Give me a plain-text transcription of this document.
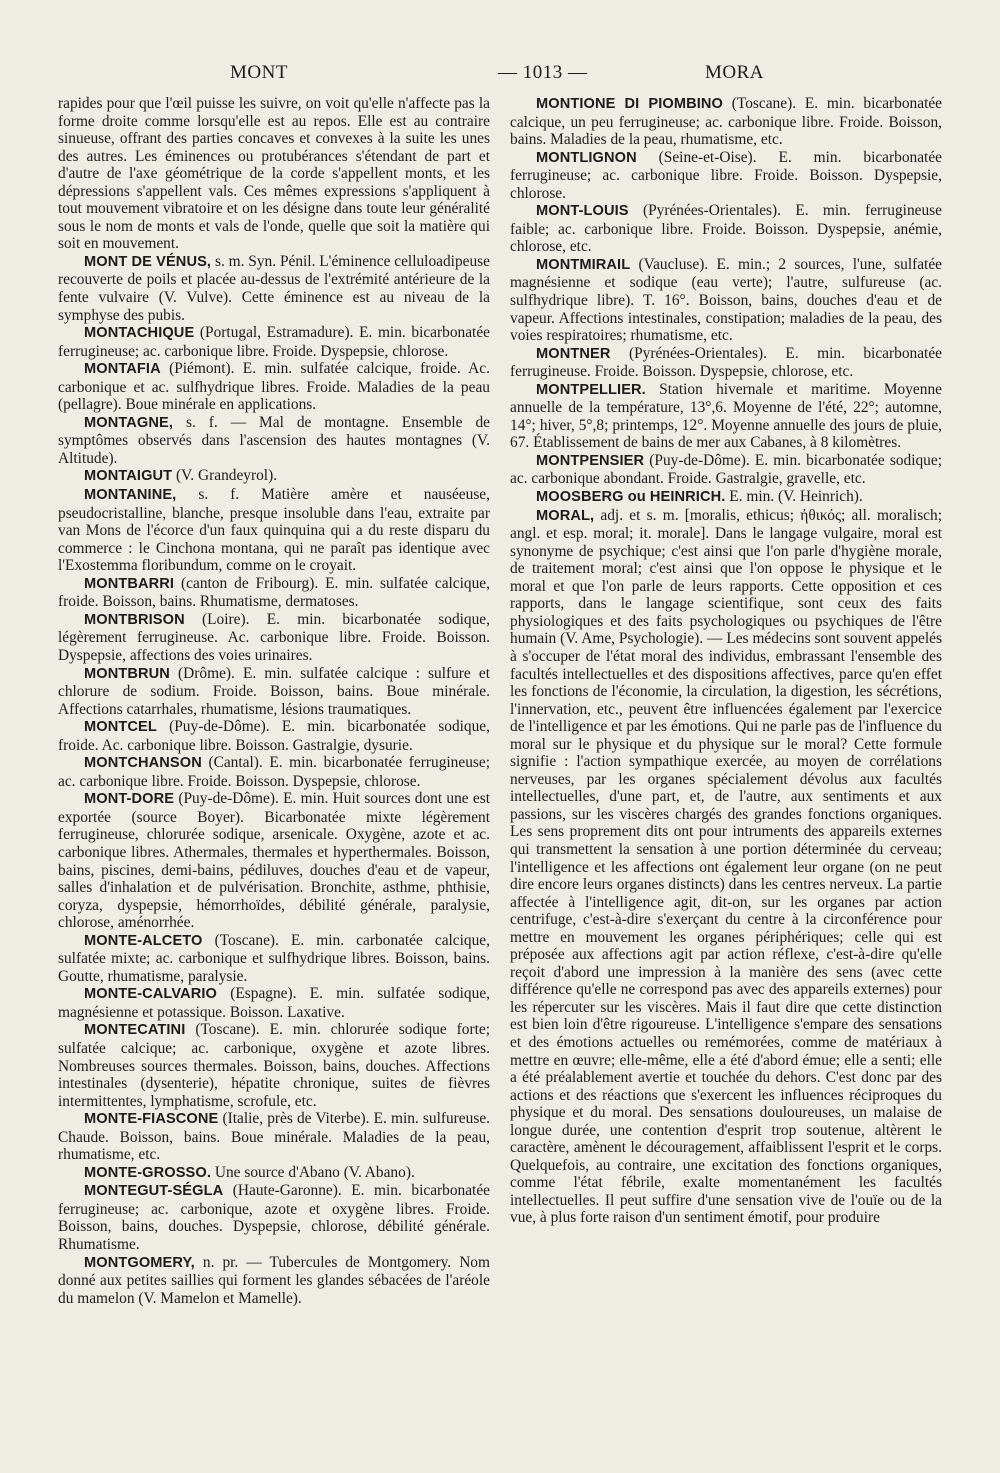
MONT	— 1013 —	MORA

rapides pour que l'œil puisse les suivre, on voit qu'elle n'affecte pas la forme droite comme lorsqu'elle est au repos. Elle est au contraire sinueuse, offrant des parties concaves et convexes à la suite les unes des autres. Les éminences ou protubérances s'étendant de part et d'autre de l'axe géométrique de la corde s'appellent monts, et les dépressions s'appellent vals. Ces mêmes expressions s'appliquent à tout mouvement vibratoire et on les désigne dans toute leur généralité sous le nom de monts et vals de l'onde, quelle que soit la matière qui soit en mouvement.

MONT DE VÉNUS, s. m. Syn. Pénil. L'éminence celluloadipeuse recouverte de poils et placée au-dessus de l'extrémité antérieure de la fente vulvaire (V. Vulve). Cette éminence est au niveau de la symphyse des pubis.

MONTACHIQUE (Portugal, Estramadure). E. min. bicarbonatée ferrugineuse; ac. carbonique libre. Froide. Dyspepsie, chlorose.

MONTAFIA (Piémont). E. min. sulfatée calcique, froide. Ac. carbonique et ac. sulfhydrique libres. Froide. Maladies de la peau (pellagre). Boue minérale en applications.

MONTAGNE, s. f. — Mal de montagne. Ensemble de symptômes observés dans l'ascension des hautes montagnes (V. Altitude).

MONTAIGUT (V. Grandeyrol).

MONTANINE, s. f. Matière amère et nauséeuse, pseudocristalline, blanche, presque insoluble dans l'eau, extraite par van Mons de l'écorce d'un faux quinquina qui a du reste disparu du commerce : le Cinchona montana, qui ne paraît pas identique avec l'Exostemma floribundum, comme on le croyait.

MONTBARRI (canton de Fribourg). E. min. sulfatée calcique, froide. Boisson, bains. Rhumatisme, dermatoses.

MONTBRISON (Loire). E. min. bicarbonatée sodique, légèrement ferrugineuse. Ac. carbonique libre. Froide. Boisson. Dyspepsie, affections des voies urinaires.

MONTBRUN (Drôme). E. min. sulfatée calcique : sulfure et chlorure de sodium. Froide. Boisson, bains. Boue minérale. Affections catarrhales, rhumatisme, lésions traumatiques.

MONTCEL (Puy-de-Dôme). E. min. bicarbonatée sodique, froide. Ac. carbonique libre. Boisson. Gastralgie, dysurie.

MONTCHANSON (Cantal). E. min. bicarbonatée ferrugineuse; ac. carbonique libre. Froide. Boisson. Dyspepsie, chlorose.

MONT-DORE (Puy-de-Dôme). E. min. Huit sources dont une est exportée (source Boyer). Bicarbonatée mixte légèrement ferrugineuse, chlorurée sodique, arsenicale. Oxygène, azote et ac. carbonique libres. Athermales, thermales et hyperthermales. Boisson, bains, piscines, demi-bains, pédiluves, douches d'eau et de vapeur, salles d'inhalation et de pulvérisation. Bronchite, asthme, phthisie, coryza, dyspepsie, hémorrhoïdes, débilité générale, paralysie, chlorose, aménorrhée.

MONTE-ALCETO (Toscane). E. min. carbonatée calcique, sulfatée mixte; ac. carbonique et sulfhydrique libres. Boisson, bains. Goutte, rhumatisme, paralysie.

MONTE-CALVARIO (Espagne). E. min. sulfatée sodique, magnésienne et potassique. Boisson. Laxative.

MONTECATINI (Toscane). E. min. chlorurée sodique forte; sulfatée calcique; ac. carbonique, oxygène et azote libres. Nombreuses sources thermales. Boisson, bains, douches. Affections intestinales (dysenterie), hépatite chronique, suites de fièvres intermittentes, lymphatisme, scrofule, etc.

MONTE-FIASCONE (Italie, près de Viterbe). E. min. sulfureuse. Chaude. Boisson, bains. Boue minérale. Maladies de la peau, rhumatisme, etc.

MONTE-GROSSO. Une source d'Abano (V. Abano).

MONTEGUT-SÉGLA (Haute-Garonne). E. min. bicarbonatée ferrugineuse; ac. carbonique, azote et oxygène libres. Froide. Boisson, bains, douches. Dyspepsie, chlorose, débilité générale. Rhumatisme.

MONTGOMERY, n. pr. — Tubercules de Montgomery. Nom donné aux petites saillies qui forment les glandes sébacées de l'aréole du mamelon (V. Mamelon et Mamelle).

MONTIONE DI PIOMBINO (Toscane). E. min. bicarbonatée calcique, un peu ferrugineuse; ac. carbonique libre. Froide. Boisson, bains. Maladies de la peau, rhumatisme, etc.

MONTLIGNON (Seine-et-Oise). E. min. bicarbonatée ferrugineuse; ac. carbonique libre. Froide. Boisson. Dyspepsie, chlorose.

MONT-LOUIS (Pyrénées-Orientales). E. min. ferrugineuse faible; ac. carbonique libre. Froide. Boisson. Dyspepsie, anémie, chlorose, etc.

MONTMIRAIL (Vaucluse). E. min.; 2 sources, l'une, sulfatée magnésienne et sodique (eau verte); l'autre, sulfureuse (ac. sulfhydrique libre). T. 16°. Boisson, bains, douches d'eau et de vapeur. Affections intestinales, constipation; maladies de la peau, des voies respiratoires; rhumatisme, etc.

MONTNER (Pyrénées-Orientales). E. min. bicarbonatée ferrugineuse. Froide. Boisson. Dyspepsie, chlorose, etc.

MONTPELLIER. Station hivernale et maritime. Moyenne annuelle de la température, 13°,6. Moyenne de l'été, 22°; automne, 14°; hiver, 5°,8; printemps, 12°. Moyenne annuelle des jours de pluie, 67. Établissement de bains de mer aux Cabanes, à 8 kilomètres.

MONTPENSIER (Puy-de-Dôme). E. min. bicarbonatée sodique; ac. carbonique abondant. Froide. Gastralgie, gravelle, etc.

MOOSBERG ou HEINRICH. E. min. (V. Heinrich).

MORAL, adj. et s. m. [moralis, ethicus; ἠθικός; all. moralisch; angl. et esp. moral; it. morale]. Dans le langage vulgaire, moral est synonyme de psychique; c'est ainsi que l'on parle d'hygiène morale, de traitement moral; c'est ainsi que l'on oppose le physique et le moral et que l'on parle de leurs rapports. Cette opposition et ces rapports, dans le langage scientifique, sont ceux des faits physiologiques et des faits psychologiques ou psychiques de l'être humain (V. Ame, Psychologie). — Les médecins sont souvent appelés à s'occuper de l'état moral des individus, embrassant l'ensemble des facultés intellectuelles et des dispositions affectives, parce qu'en effet les fonctions de l'économie, la circulation, la digestion, les sécrétions, l'innervation, etc., peuvent être influencées également par l'exercice de l'intelligence et par les émotions. Qui ne parle pas de l'influence du moral sur le physique et du physique sur le moral? Cette formule signifie : l'action sympathique exercée, au moyen de corrélations nerveuses, par les organes spécialement dévolus aux facultés intellectuelles, d'une part, et, de l'autre, aux sentiments et aux passions, sur les viscères chargés des grandes fonctions organiques. Les sens proprement dits ont pour intruments des appareils externes qui transmettent la sensation à une portion déterminée du cerveau; l'intelligence et les affections ont également leur organe (on ne peut dire encore leurs organes distincts) dans les centres nerveux. La partie affectée à l'intelligence agit, dit-on, sur les organes par action centrifuge, c'est-à-dire s'exerçant du centre à la circonférence pour mettre en mouvement les organes périphériques; celle qui est préposée aux affections agit par action réflexe, c'est-à-dire qu'elle reçoit d'abord une impression à la manière des sens (avec cette différence qu'elle ne correspond pas avec des appareils externes) pour les répercuter sur les viscères. Mais il faut dire que cette distinction est bien loin d'être rigoureuse. L'intelligence s'empare des sensations et des émotions actuelles ou remémorées, comme de matériaux à mettre en œuvre; elle-même, elle a été d'abord émue; elle a senti; elle a été préalablement avertie et touchée du dehors. C'est donc par des actions et des réactions que s'exercent les influences réciproques du physique et du moral. Des sensations douloureuses, un malaise de longue durée, une contention d'esprit trop soutenue, altèrent le caractère, amènent le découragement, affaiblissent l'esprit et le corps. Quelquefois, au contraire, une excitation des fonctions organiques, comme l'état fébrile, exalte momentanément les facultés intellectuelles. Il peut suffire d'une sensation vive de l'ouïe ou de la vue, à plus forte raison d'un sentiment émotif, pour produire
